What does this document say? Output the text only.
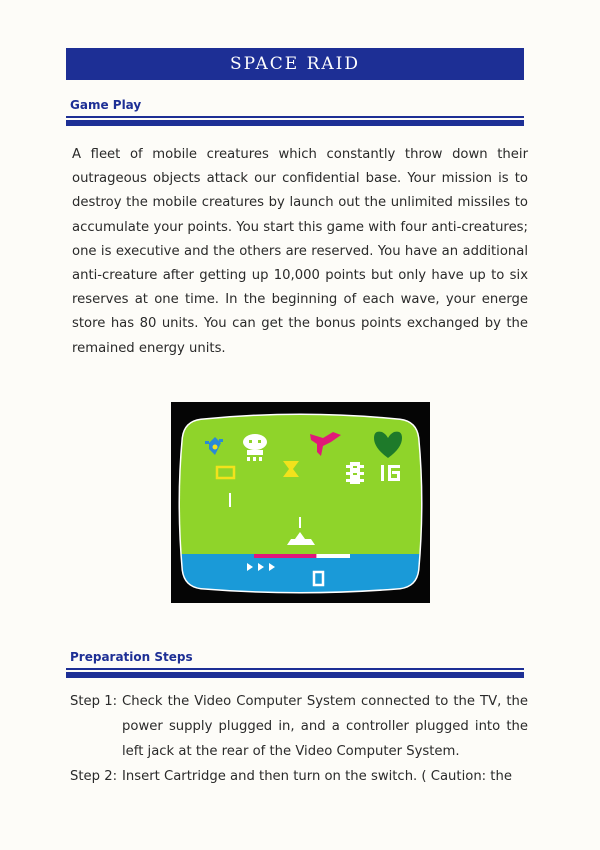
SPACE RAID
Game Play

A fleet of mobile creatures which constantly throw down their outrageous objects attack our confidential base. Your mission is to destroy the mobile creatures by launch out the unlimited missiles to accumulate your points. You start this game with four anti-creatures; one is executive and the others are reserved. You have an additional anti-creature after getting up 10,000 points but only have up to six reserves at one time. In the beginning of each wave, your energe store has 80 units. You can get the bonus points exchanged by the remained energy units.

Preparation Steps
Step 1: Check the Video Computer System connected to the TV, the power supply plugged in, and a controller plugged into the left jack at the rear of the Video Computer System.
Step 2: Insert Cartridge and then turn on the switch. ( Caution: the
